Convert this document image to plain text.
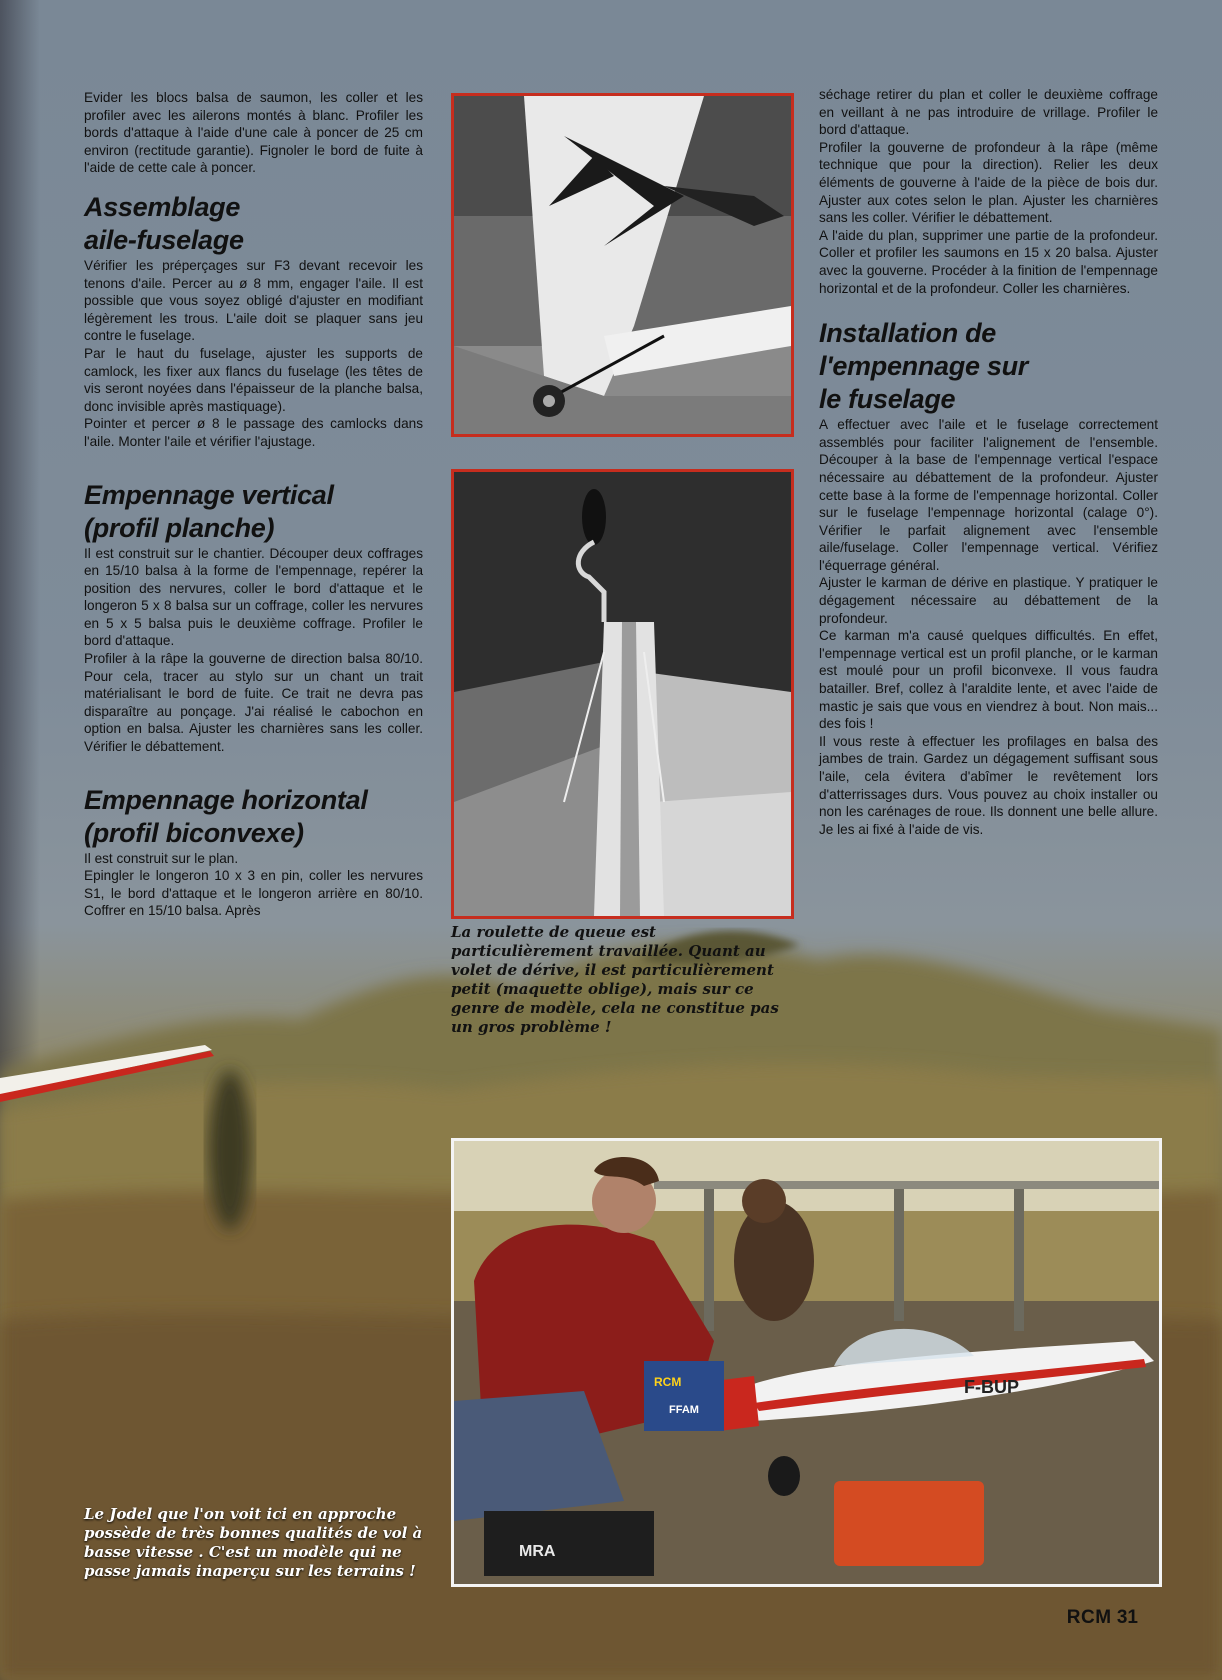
Evider les blocs balsa de saumon, les coller et les profiler avec les ailerons montés à blanc. Profiler les bords d'attaque à l'aide d'une cale à poncer de 25 cm environ (rectitude garantie). Fignoler le bord de fuite à l'aide de cette cale à poncer.

Assemblage
aile-fuselage

Vérifier les préperçages sur F3 devant recevoir les tenons d'aile. Percer au ø 8 mm, engager l'aile. Il est possible que vous soyez obligé d'ajuster en modifiant légèrement les trous. L'aile doit se plaquer sans jeu contre le fuselage.

Par le haut du fuselage, ajuster les supports de camlock, les fixer aux flancs du fuselage (les têtes de vis seront noyées dans l'épaisseur de la planche balsa, donc invisible après mastiquage).

Pointer et percer ø 8 le passage des camlocks dans l'aile. Monter l'aile et vérifier l'ajustage.

Empennage vertical
(profil planche)

Il est construit sur le chantier. Découper deux coffrages en 15/10 balsa à la forme de l'empennage, repérer la position des nervures, coller le bord d'attaque et le longeron 5 x 8 balsa sur un coffrage, coller les nervures en 5 x 5 balsa puis le deuxième coffrage. Profiler le bord d'attaque.

Profiler à la râpe la gouverne de direction balsa 80/10. Pour cela, tracer au stylo sur un chant un trait matérialisant le bord de fuite. Ce trait ne devra pas disparaître au ponçage. J'ai réalisé le cabochon en option en balsa. Ajuster les charnières sans les coller. Vérifier le débattement.

Empennage horizontal
(profil biconvexe)

Il est construit sur le plan.

Epingler le longeron 10 x 3 en pin, coller les nervures S1, le bord d'attaque et le longeron arrière en 80/10. Coffrer en 15/10 balsa. Après

La roulette de queue est particulièrement travaillée. Quant au volet de dérive, il est particulièrement petit (maquette oblige), mais sur ce genre de modèle, cela ne constitue pas un gros problème !

séchage retirer du plan et coller le deuxième coffrage en veillant à ne pas introduire de vrillage. Profiler le bord d'attaque.

Profiler la gouverne de profondeur à la râpe (même technique que pour la direction). Relier les deux éléments de gouverne à l'aide de la pièce de bois dur. Ajuster aux cotes selon le plan. Ajuster les charnières sans les coller. Vérifier le débattement.

A l'aide du plan, supprimer une partie de la profondeur. Coller et profiler les saumons en 15 x 20 balsa. Ajuster avec la gouverne. Procéder à la finition de l'empennage horizontal et de la profondeur. Coller les charnières.

Installation de
l'empennage sur
le fuselage

A effectuer avec l'aile et le fuselage correctement assemblés pour faciliter l'alignement de l'ensemble. Découper à la base de l'empennage vertical l'espace nécessaire au débattement de la profondeur. Ajuster cette base à la forme de l'empennage horizontal. Coller sur le fuselage l'empennage horizontal (calage 0°). Vérifier le parfait alignement avec l'ensemble aile/fuselage. Coller l'empennage vertical. Vérifiez l'équerrage général.

Ajuster le karman de dérive en plastique. Y pratiquer le dégagement nécessaire au débattement de la profondeur.

Ce karman m'a causé quelques difficultés. En effet, l'empennage vertical est un profil planche, or le karman est moulé pour un profil biconvexe. Il vous faudra batailler. Bref, collez à l'araldite lente, et avec l'aide de mastic je sais que vous en viendrez à bout. Non mais... des fois !

Il vous reste à effectuer les profilages en balsa des jambes de train. Gardez un dégagement suffisant sous l'aile, cela évitera d'abîmer le revêtement lors d'atterrissages durs. Vous pouvez au choix installer ou non les carénages de roue. Ils donnent une belle allure. Je les ai fixé à l'aide de vis.

F-BUP
MRA
RCM
FFAM
Le Jodel que l'on voit ici en approche possède de très bonnes qualités de vol à basse vitesse . C'est un modèle qui ne passe jamais inaperçu sur les terrains !
RCM 31
